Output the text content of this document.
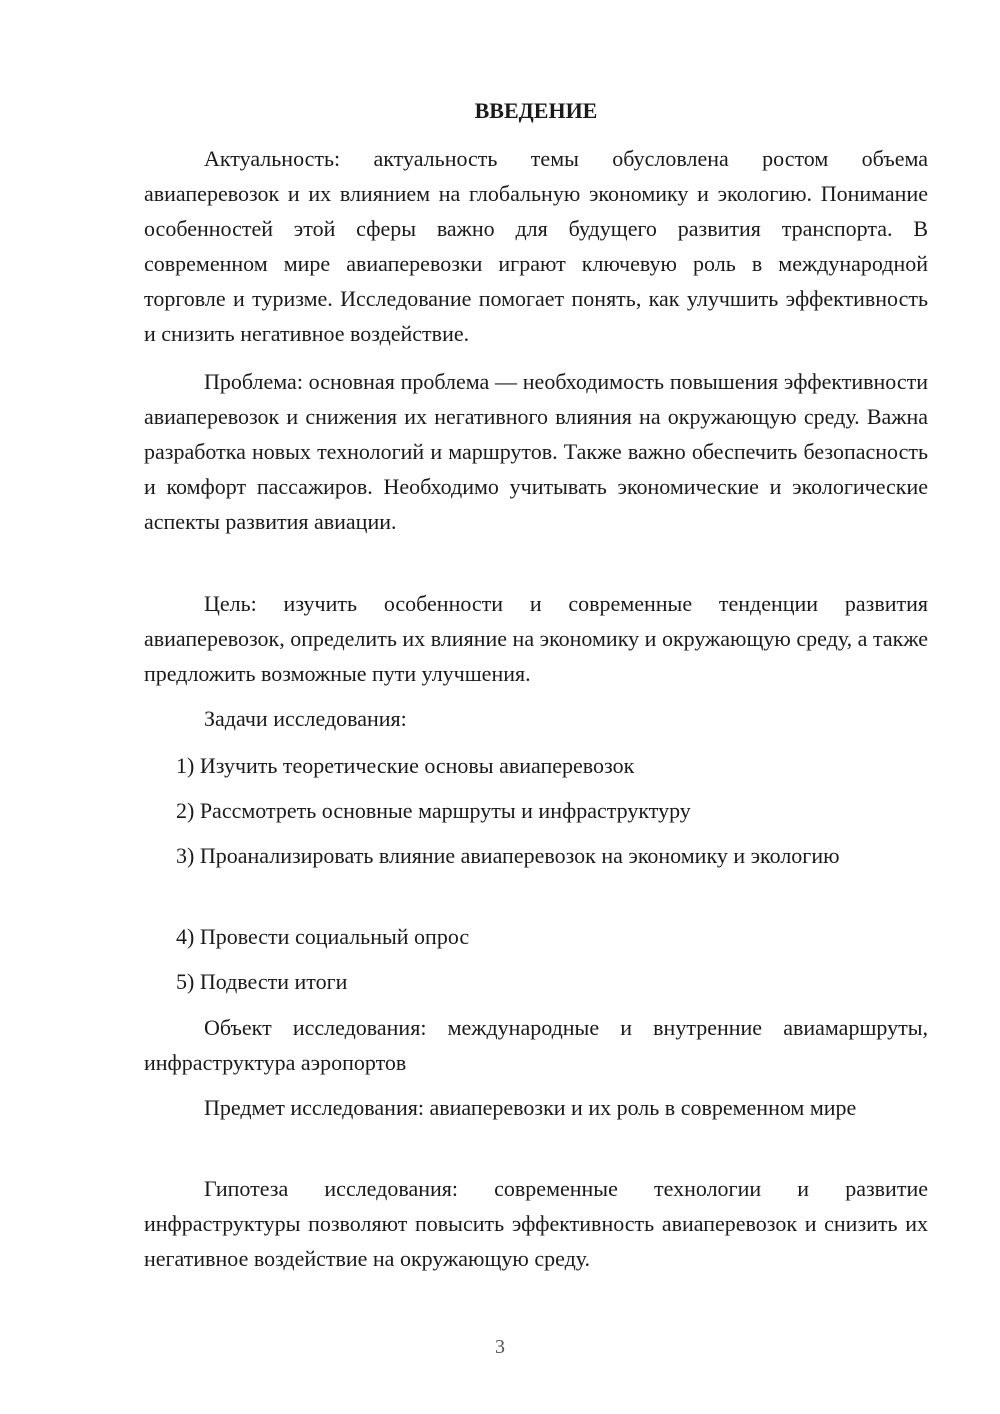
ВВЕДЕНИЕ

Актуальность: актуальность темы обусловлена ростом объема авиаперевозок и их влиянием на глобальную экономику и экологию. Понимание особенностей этой сферы важно для будущего развития транспорта. В современном мире авиаперевозки играют ключевую роль в международной торговле и туризме. Исследование помогает понять, как улучшить эффективность и снизить негативное воздействие.

Проблема: основная проблема — необходимость повышения эффективности авиаперевозок и снижения их негативного влияния на окружающую среду. Важна разработка новых технологий и маршрутов. Также важно обеспечить безопасность и комфорт пассажиров. Необходимо учитывать экономические и экологические аспекты развития авиации.

Цель: изучить особенности и современные тенденции развития авиаперевозок, определить их влияние на экономику и окружающую среду, а также предложить возможные пути улучшения.

Задачи исследования:

1) Изучить теоретические основы авиаперевозок

2) Рассмотреть основные маршруты и инфраструктуру

3) Проанализировать влияние авиаперевозок на экономику и экологию

4) Провести социальный опрос

5) Подвести итоги

Объект исследования: международные и внутренние авиамаршруты, инфраструктура аэропортов

Предмет исследования: авиаперевозки и их роль в современном мире

Гипотеза исследования: современные технологии и развитие инфраструктуры позволяют повысить эффективность авиаперевозок и снизить их негативное воздействие на окружающую среду.

3
